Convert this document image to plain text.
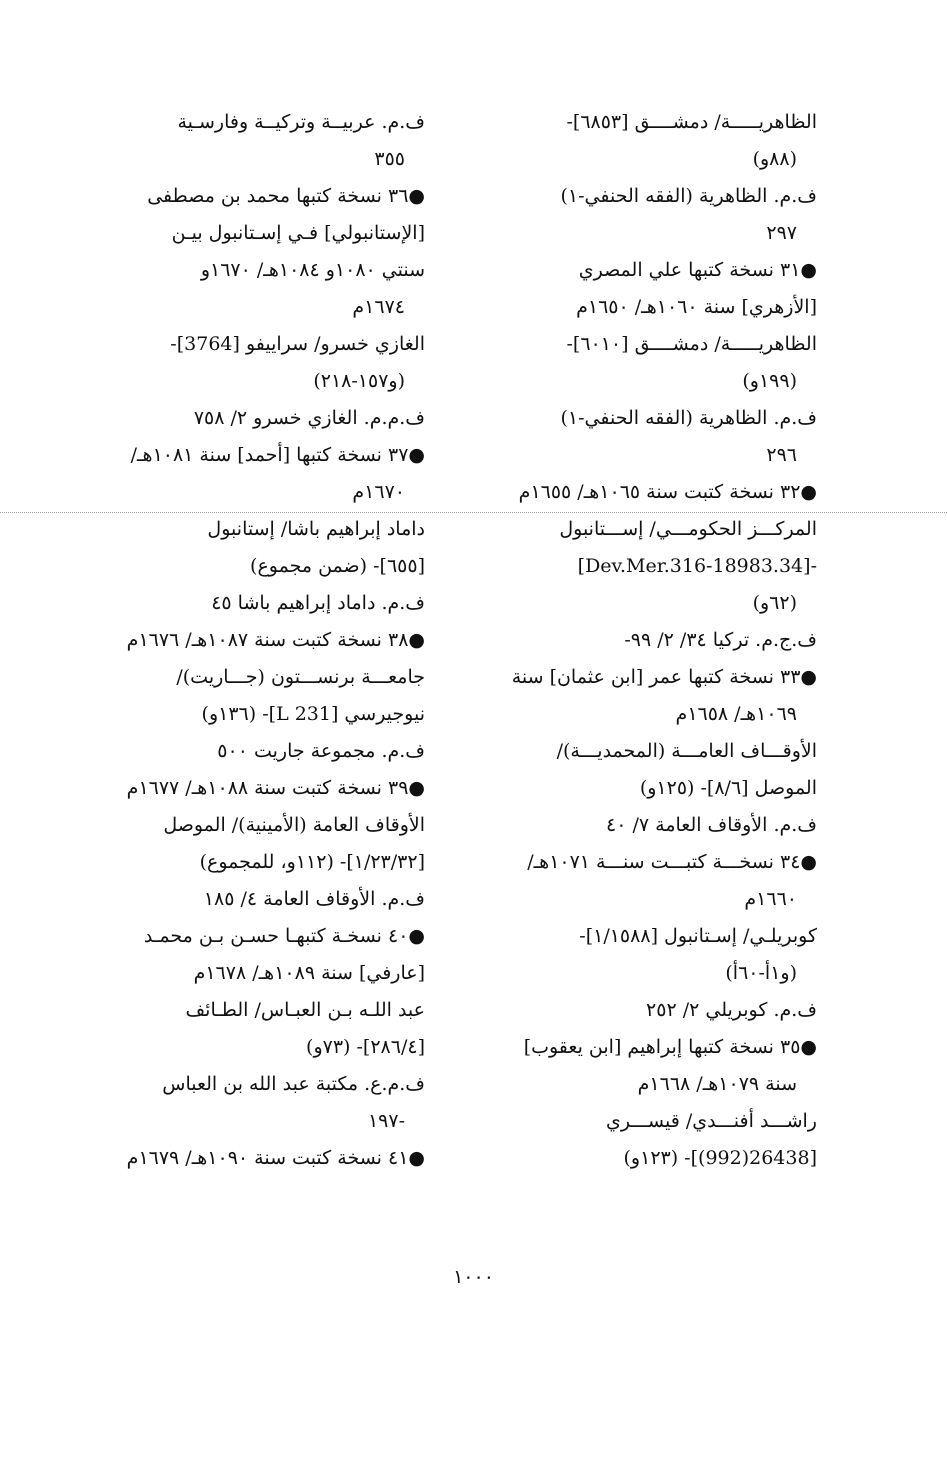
الظاهريـــــة/ دمشــــق [٦٨٥٣]-
(٨٨و)
ف.م. الظاهرية (الفقه الحنفي-١)
٢٩٧
●٣١ نسخة كتبها علي المصري
[الأزهري] سنة ١٠٦٠هـ/ ١٦٥٠م
الظاهريـــــة/ دمشــــق [٦٠١٠]-
(١٩٩و)
ف.م. الظاهرية (الفقه الحنفي-١)
٢٩٦
●٣٢ نسخة كتبت سنة ١٠٦٥هـ/ ١٦٥٥م
المركـــز الحكومـــي/ إســـتانبول
-[34.Dev.Mer.316-18983]
(٦٢و)
ف.ج.م. تركيا ٣٤/ ٢/ ٩٩-
●٣٣ نسخة كتبها عمر [ابن عثمان] سنة
١٠٦٩هـ/ ١٦٥٨م
الأوقـــاف العامـــة (المحمديـــة)/
الموصل [٨/٦]- (١٢٥و)
ف.م. الأوقاف العامة ٧/ ٤٠
●٣٤ نسخـــة كتبـــت سنـــة ١٠٧١هـ/
١٦٦٠م
كوبريلـي/ إسـتانبول [١/١٥٨٨]-
(و١أ-٦٠أ)
ف.م. كوبريلي ٢/ ٢٥٢
●٣٥ نسخة كتبها إبراهيم [ابن يعقوب]
سنة ١٠٧٩هـ/ ١٦٦٨م
راشـــد أفنـــدي/ قيســـري
[26438(992)]- (١٢٣و)
ف.م. عربيــة وتركيــة وفارسـية
٣٥٥
●٣٦ نسخة كتبها محمد بن مصطفى
[الإستانبولي] فـي إسـتانبول بيـن
سنتي ١٠٨٠و ١٠٨٤هـ/ ١٦٧٠و
١٦٧٤م
الغازي خسرو/ سراييفو [3764]-
(و١٥٧-٢١٨)
ف.م.م. الغازي خسرو ٢/ ٧٥٨
●٣٧ نسخة كتبها [أحمد] سنة ١٠٨١هـ/
١٦٧٠م
داماد إبراهيم باشا/ إستانبول
[٦٥٥]- (ضمن مجموع)
ف.م. داماد إبراهيم باشا ٤٥
●٣٨ نسخة كتبت سنة ١٠٨٧هـ/ ١٦٧٦م
جامعـــة برنســـتون (جـــاريت)/
نيوجيرسي [L 231]- (١٣٦و)
ف.م. مجموعة جاريت ٥٠٠
●٣٩ نسخة كتبت سنة ١٠٨٨هـ/ ١٦٧٧م
الأوقاف العامة (الأمينية)/ الموصل
[١/٢٣/٣٢]- (١١٢و، للمجموع)
ف.م. الأوقاف العامة ٤/ ١٨٥
●٤٠ نسخـة كتبهـا حسـن بـن محمـد
[عارفي] سنة ١٠٨٩هـ/ ١٦٧٨م
عبد اللـه بـن العبـاس/ الطـائف
[٢٨٦/٤]- (٧٣و)
ف.م.ع. مكتبة عبد الله بن العباس
-١٩٧
●٤١ نسخة كتبت سنة ١٠٩٠هـ/ ١٦٧٩م
١٠٠٠
